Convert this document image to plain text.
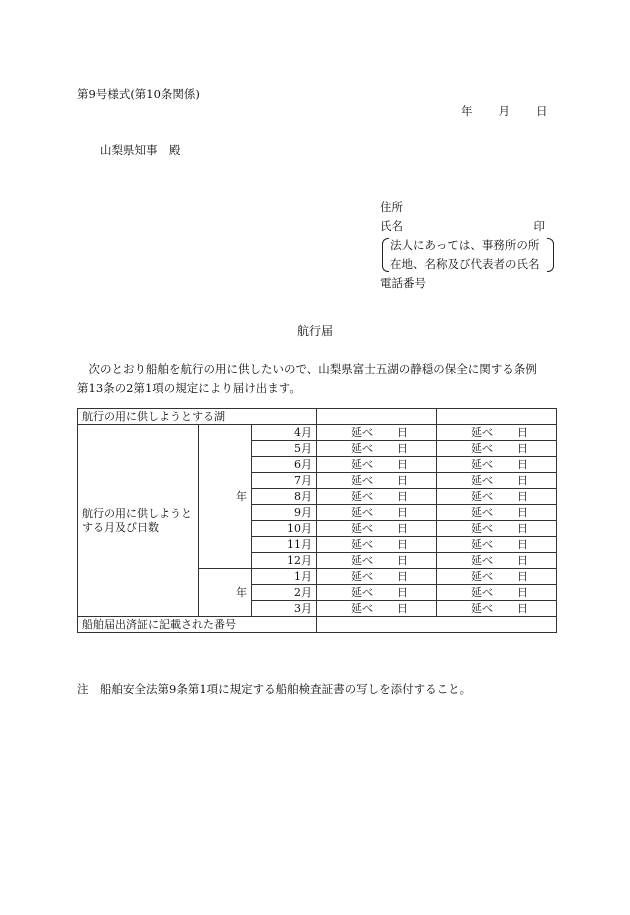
第9号様式(第10条関係)
年 月 日
山梨県知事　殿
住所
氏名	印
法人にあっては、事務所の所
在地、名称及び代表者の氏名
電話番号
航行届

　次のとおり船舶を航行の用に供したいので、山梨県富士五湖の静穏の保全に関する条例

第13条の2第1項の規定により届け出ます。

航行の用に供しようとする湖				
航行の用に供しようとする月及び日数	年	4月	延べ 日	延べ 日

		5月	延べ 日	延べ 日

		6月	延べ 日	延べ 日

		7月	延べ 日	延べ 日

		8月	延べ 日	延べ 日

		9月	延べ 日	延べ 日

		10月	延べ 日	延べ 日

		11月	延べ 日	延べ 日

		12月	延べ 日	延べ 日

	年	1月	延べ 日	延べ 日

		2月	延べ 日	延べ 日

		3月	延べ 日	延べ 日

船舶届出済証に記載された番号				
注　船舶安全法第9条第1項に規定する船舶検査証書の写しを添付すること。
